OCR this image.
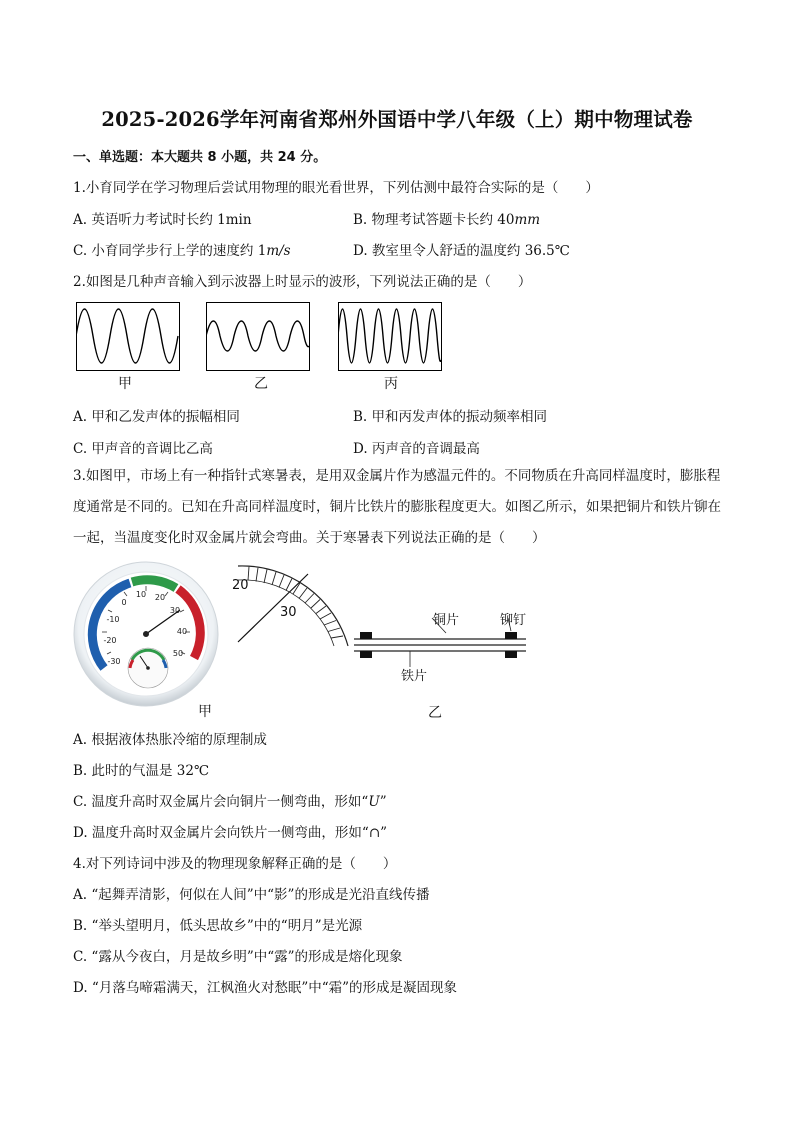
2025-2026学年河南省郑州外国语中学八年级（上）期中物理试卷
一、单选题：本大题共 8 小题，共 24 分。
1.小育同学在学习物理后尝试用物理的眼光看世界，下列估测中最符合实际的是（　　）
A. 英语听力考试时长约 1min	B. 物理考试答题卡长约 40mm
C. 小育同学步行上学的速度约 1m/s	D. 教室里令人舒适的温度约 36.5℃
2.如图是几种声音输入到示波器上时显示的波形，下列说法正确的是（　　）
甲	乙	丙
A. 甲和乙发声体的振幅相同	B. 甲和丙发声体的振动频率相同
C. 甲声音的音调比乙高	D. 丙声音的音调最高
3.如图甲，市场上有一种指针式寒暑表，是用双金属片作为感温元件的。不同物质在升高同样温度时，膨胀程度通常是不同的。已知在升高同样温度时，铜片比铁片的膨胀程度更大。如图乙所示，如果把铜片和铁片铆在一起，当温度变化时双金属片就会弯曲。关于寒暑表下列说法正确的是（　　）
-30
-20
-10
0
10 20
30
40
50
甲
20
30
铜片	铆钉
铁片
乙
A. 根据液体热胀冷缩的原理制成
B. 此时的气温是 32℃
C. 温度升高时双金属片会向铜片一侧弯曲，形如“U”
D. 温度升高时双金属片会向铁片一侧弯曲，形如“∩”
4.对下列诗词中涉及的物理现象解释正确的是（　　）
A. “起舞弄清影，何似在人间”中“影”的形成是光沿直线传播
B. “举头望明月，低头思故乡”中的“明月”是光源
C. “露从今夜白，月是故乡明”中“露”的形成是熔化现象
D. “月落乌啼霜满天，江枫渔火对愁眠”中“霜”的形成是凝固现象
